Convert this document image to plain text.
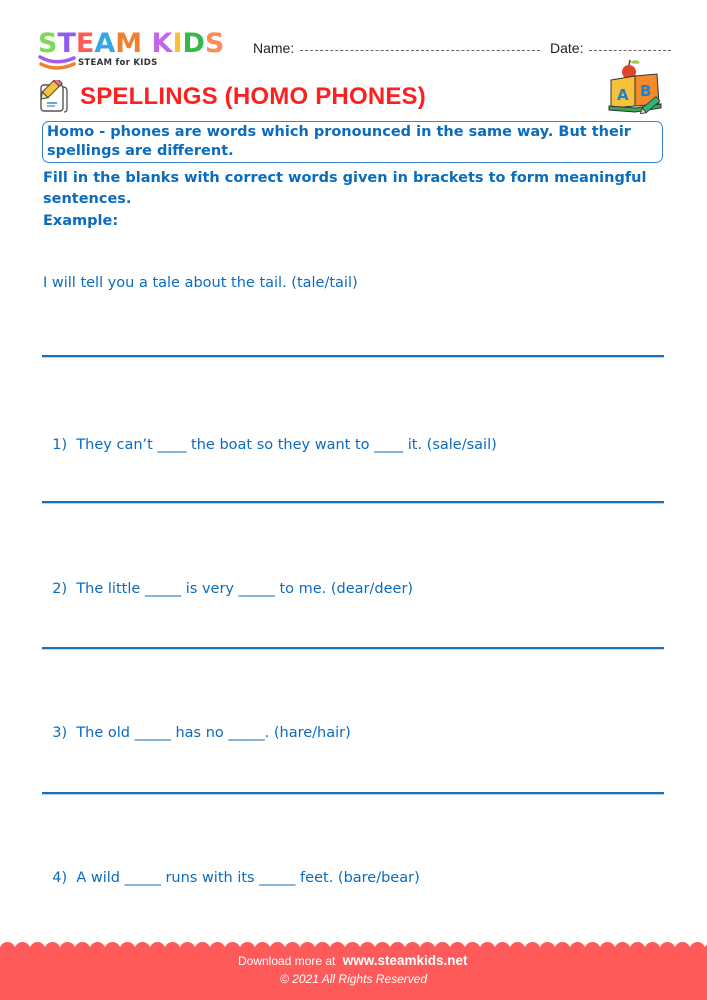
STEAM KIDS
STEAM for KIDS
Name:	Date:
SPELLINGS (HOMO PHONES)	A B

Homo - phones are words which pronounced in the same way. But their spellings are different.

Fill in the blanks with correct words given in brackets to form meaningful sentences.

Example:
I will tell you a tale about the tail. (tale/tail)

1) They can’t ____ the boat so they want to ____ it. (sale/sail)

2) The little _____ is very _____ to me. (dear/deer)

3) The old _____ has no _____. (hare/hair)

4) A wild _____ runs with its _____ feet. (bare/bear)

Download more at www.steamkids.net
© 2021 All Rights Reserved
